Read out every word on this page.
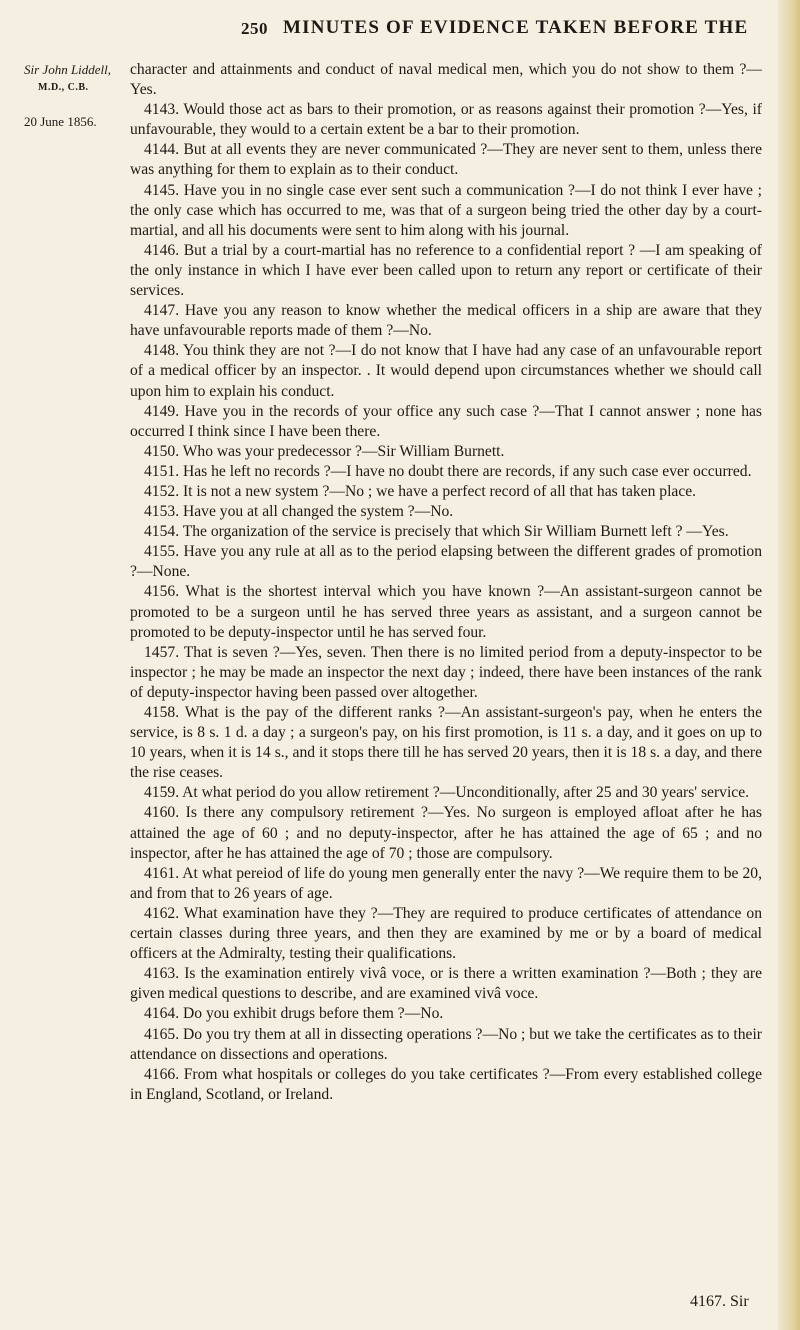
250 MINUTES OF EVIDENCE TAKEN BEFORE THE
Sir John Liddell,
M.D., C.B.
20 June 1856.

character and attainments and conduct of naval medical men, which you do not show to them ?—Yes.

4143. Would those act as bars to their promotion, or as reasons against their promotion ?—Yes, if unfavourable, they would to a certain extent be a bar to their promotion.

4144. But at all events they are never communicated ?—They are never sent to them, unless there was anything for them to explain as to their conduct.

4145. Have you in no single case ever sent such a communication ?—I do not think I ever have ; the only case which has occurred to me, was that of a surgeon being tried the other day by a court-martial, and all his documents were sent to him along with his journal.

4146. But a trial by a court-martial has no reference to a confidential report ? —I am speaking of the only instance in which I have ever been called upon to return any report or certificate of their services.

4147. Have you any reason to know whether the medical officers in a ship are aware that they have unfavourable reports made of them ?—No.

4148. You think they are not ?—I do not know that I have had any case of an unfavourable report of a medical officer by an inspector. . It would depend upon circumstances whether we should call upon him to explain his conduct.

4149. Have you in the records of your office any such case ?—That I cannot answer ; none has occurred I think since I have been there.

4150. Who was your predecessor ?—Sir William Burnett.

4151. Has he left no records ?—I have no doubt there are records, if any such case ever occurred.

4152. It is not a new system ?—No ; we have a perfect record of all that has taken place.

4153. Have you at all changed the system ?—No.

4154. The organization of the service is precisely that which Sir William Burnett left ? —Yes.

4155. Have you any rule at all as to the period elapsing between the different grades of promotion ?—None.

4156. What is the shortest interval which you have known ?—An assistant-surgeon cannot be promoted to be a surgeon until he has served three years as assistant, and a surgeon cannot be promoted to be deputy-inspector until he has served four.

1457. That is seven ?—Yes, seven. Then there is no limited period from a deputy-inspector to be inspector ; he may be made an inspector the next day ; indeed, there have been instances of the rank of deputy-inspector having been passed over altogether.

4158. What is the pay of the different ranks ?—An assistant-surgeon's pay, when he enters the service, is 8 s. 1 d. a day ; a surgeon's pay, on his first promotion, is 11 s. a day, and it goes on up to 10 years, when it is 14 s., and it stops there till he has served 20 years, then it is 18 s. a day, and there the rise ceases.

4159. At what period do you allow retirement ?—Unconditionally, after 25 and 30 years' service.

4160. Is there any compulsory retirement ?—Yes. No surgeon is employed afloat after he has attained the age of 60 ; and no deputy-inspector, after he has attained the age of 65 ; and no inspector, after he has attained the age of 70 ; those are compulsory.

4161. At what pereiod of life do young men generally enter the navy ?—We require them to be 20, and from that to 26 years of age.

4162. What examination have they ?—They are required to produce certificates of attendance on certain classes during three years, and then they are examined by me or by a board of medical officers at the Admiralty, testing their qualifications.

4163. Is the examination entirely vivâ voce, or is there a written examination ?—Both ; they are given medical questions to describe, and are examined vivâ voce.

4164. Do you exhibit drugs before them ?—No.

4165. Do you try them at all in dissecting operations ?—No ; but we take the certificates as to their attendance on dissections and operations.

4166. From what hospitals or colleges do you take certificates ?—From every established college in England, Scotland, or Ireland.

4167. Sir
